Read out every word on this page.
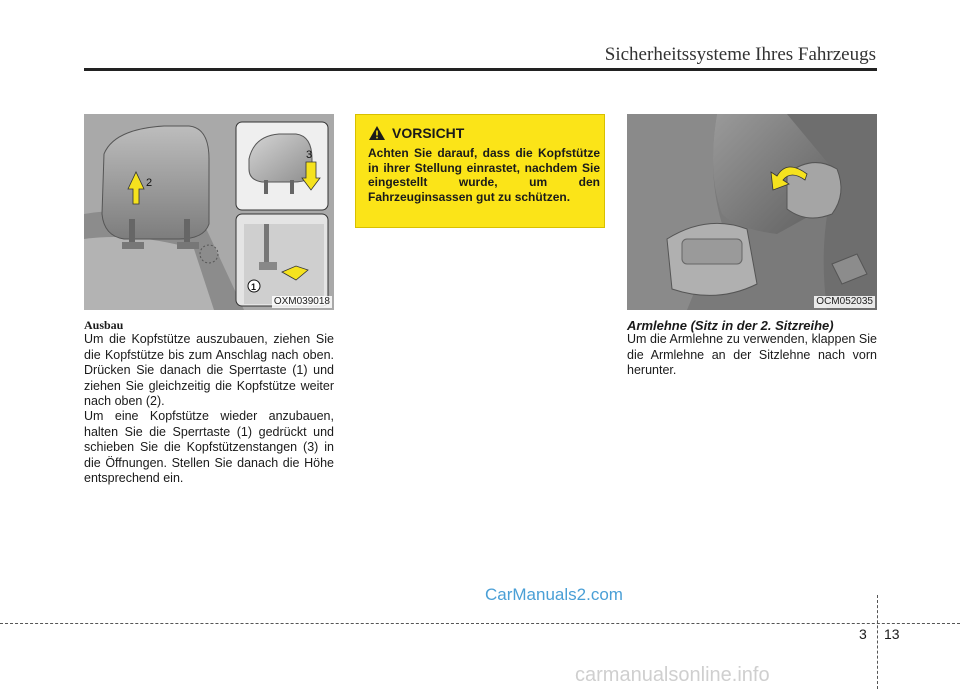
Sicherheitssysteme Ihres Fahrzeugs
2
3
1
OXM039018
Ausbau

Um die Kopfstütze auszubauen, ziehen Sie die Kopfstütze bis zum Anschlag nach oben. Drücken Sie danach die Sperrtaste (1) und ziehen Sie gleichzeitig die Kopfstütze weiter nach oben (2).

Um eine Kopfstütze wieder anzubauen, halten Sie die Sperrtaste (1) gedrückt und schieben Sie die Kopfstützenstangen (3) in die Öffnungen. Stellen Sie danach die Höhe entsprechend ein.

VORSICHT
Achten Sie darauf, dass die Kopfstütze in ihrer Stellung einrastet, nachdem Sie eingestellt wurde, um den Fahrzeuginsassen gut zu schützen.
OCM052035
Armlehne (Sitz in der 2. Sitzreihe)

Um die Armlehne zu verwenden, klappen Sie die Armlehne an der Sitzlehne nach vorn herunter.

CarManuals2.com
3 13
carmanualsonline.info
